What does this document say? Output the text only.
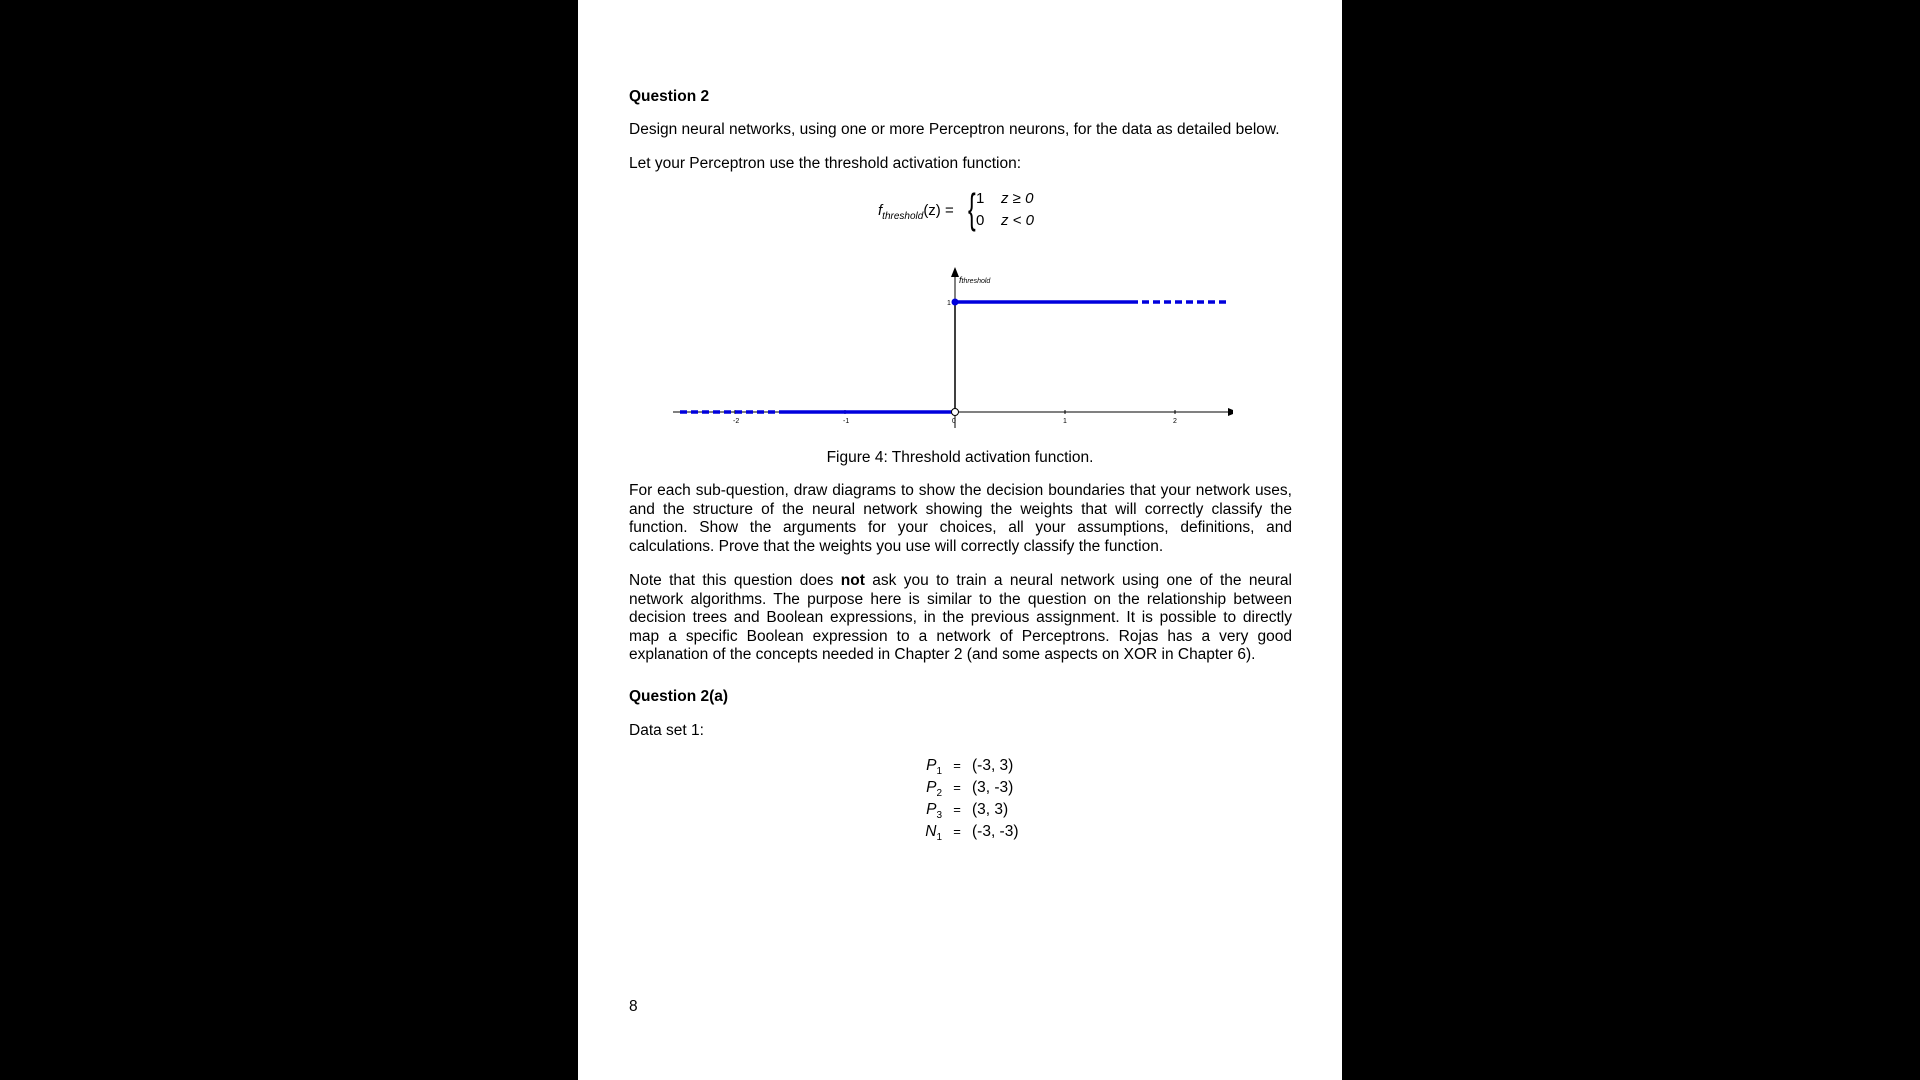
Question 2
Design neural networks, using one or more Perceptron neurons, for the data as detailed below.
Let your Perceptron use the threshold activation function:
$f_{threshold}(z)$ = { 1 z ≥ 0
0 z < 0
-2	-1	0	1	2
1
fthreshold
Figure 4: Threshold activation function.
For each sub-question, draw diagrams to show the decision boundaries that your network uses, and the structure of the neural network showing the weights that will correctly classify the function. Show the arguments for your choices, all your assumptions, definitions, and calculations. Prove that the weights you use will correctly classify the function.
Note that this question does not ask you to train a neural network using one of the neural network algorithms. The purpose here is similar to the question on the relationship between decision trees and Boolean expressions, in the previous assignment. It is possible to directly map a specific Boolean expression to a network of Perceptrons. Rojas has a very good explanation of the concepts needed in Chapter 2 (and some aspects on XOR in Chapter 6).
Question 2(a)
Data set 1:
$P_1 = (-3$, 3)
$P_2 = (3$, -3)
$P_3 = (3$, 3)
$N_1 = (-3$, -3)
8
